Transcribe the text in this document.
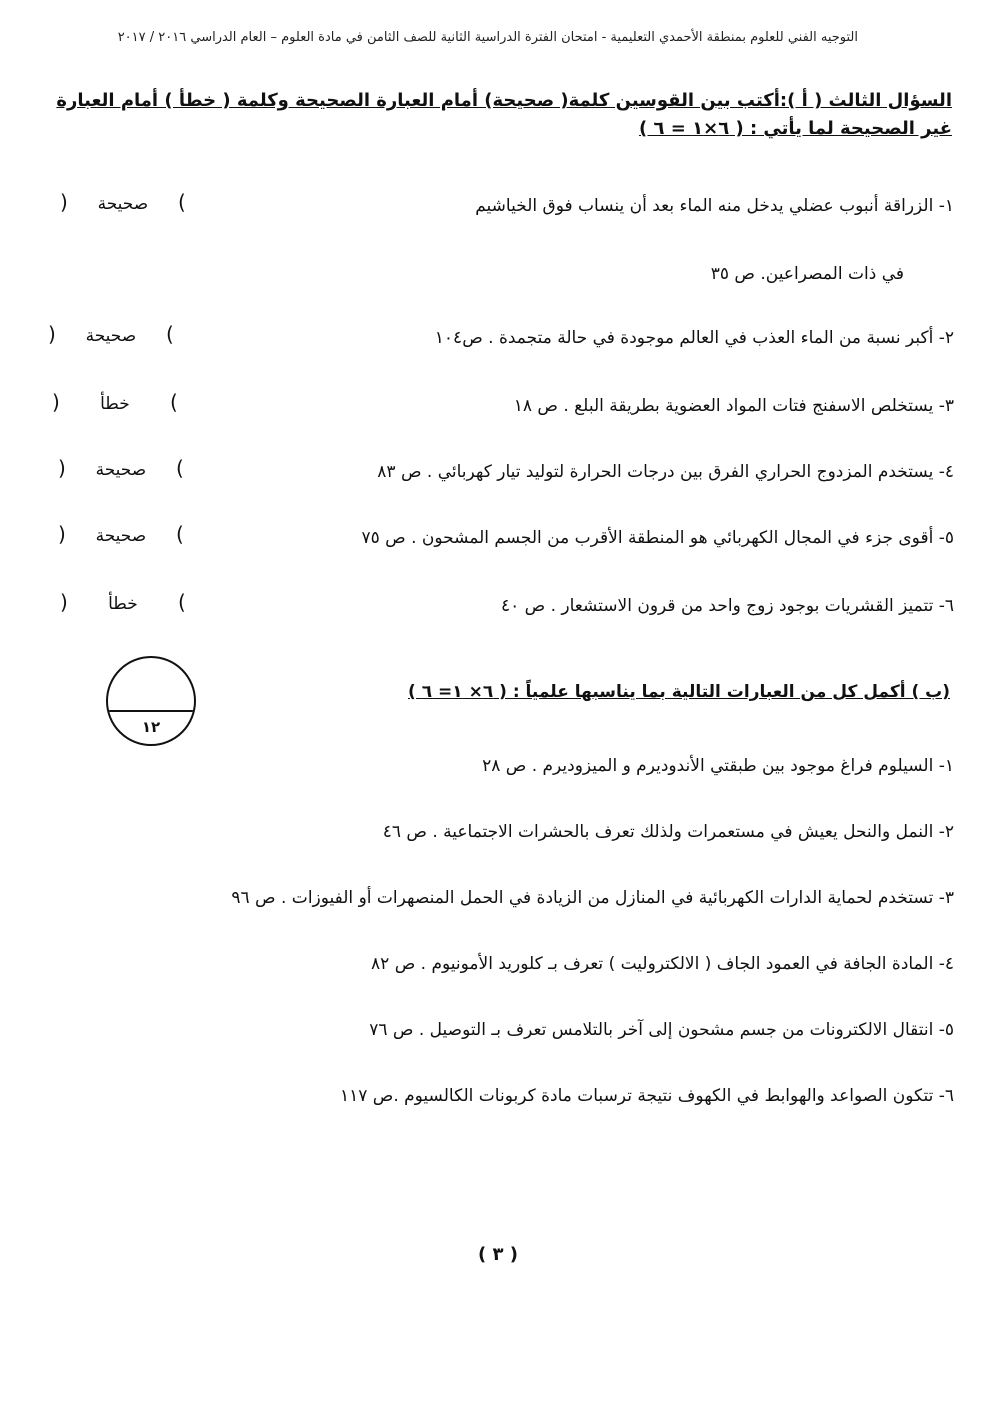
التوجيه الفني للعلوم بمنطقة الأحمدي التعليمية - امتحان الفترة الدراسية الثانية للصف الثامن في مادة العلوم – العام الدراسي ٢٠١٦ / ٢٠١٧
السؤال الثالث ( أ ):أكتب بين القوسين كلمة( صحيحة) أمام العبارة الصحيحة وكلمة ( خطأ ) أمام العبارة
غير الصحيحة لما يأتي : ( ٦×١ = ٦ )
١- الزراقة أنبوب عضلي يدخل منه الماء بعد أن ينساب فوق الخياشيم
في ذات المصراعين. ص ٣٥
٢- أكبر نسبة من الماء العذب في العالم موجودة في حالة متجمدة . ص١٠٤
٣- يستخلص الاسفنج فتات المواد العضوية بطريقة البلع . ص ١٨
٤- يستخدم المزدوج الحراري الفرق بين درجات الحرارة لتوليد تيار كهربائي . ص ٨٣
٥- أقوى جزء في المجال الكهربائي هو المنطقة الأقرب من الجسم المشحون . ص ٧٥
٦- تتميز القشريات بوجود زوج واحد من قرون الاستشعار . ص ٤٠
) صحيحة (
) صحيحة (
) خطأ (
) صحيحة (
) صحيحة (
) خطأ (
١٢
(ب ) أكمل كل من العبارات التالية بما يناسبها علمياً : ( ٦× ١= ٦ )
١- السيلوم فراغ موجود بين طبقتي الأندوديرم و الميزوديرم . ص ٢٨
٢- النمل والنحل يعيش في مستعمرات ولذلك تعرف بالحشرات الاجتماعية . ص ٤٦
٣- تستخدم لحماية الدارات الكهربائية في المنازل من الزيادة في الحمل المنصهرات أو الفيوزات . ص ٩٦
٤- المادة الجافة في العمود الجاف ( الالكتروليت ) تعرف بـ كلوريد الأمونيوم . ص ٨٢
٥- انتقال الالكترونات من جسم مشحون إلى آخر بالتلامس تعرف بـ التوصيل . ص ٧٦
٦- تتكون الصواعد والهوابط في الكهوف نتيجة ترسبات مادة كربونات الكالسيوم .ص ١١٧
( ٣ )
